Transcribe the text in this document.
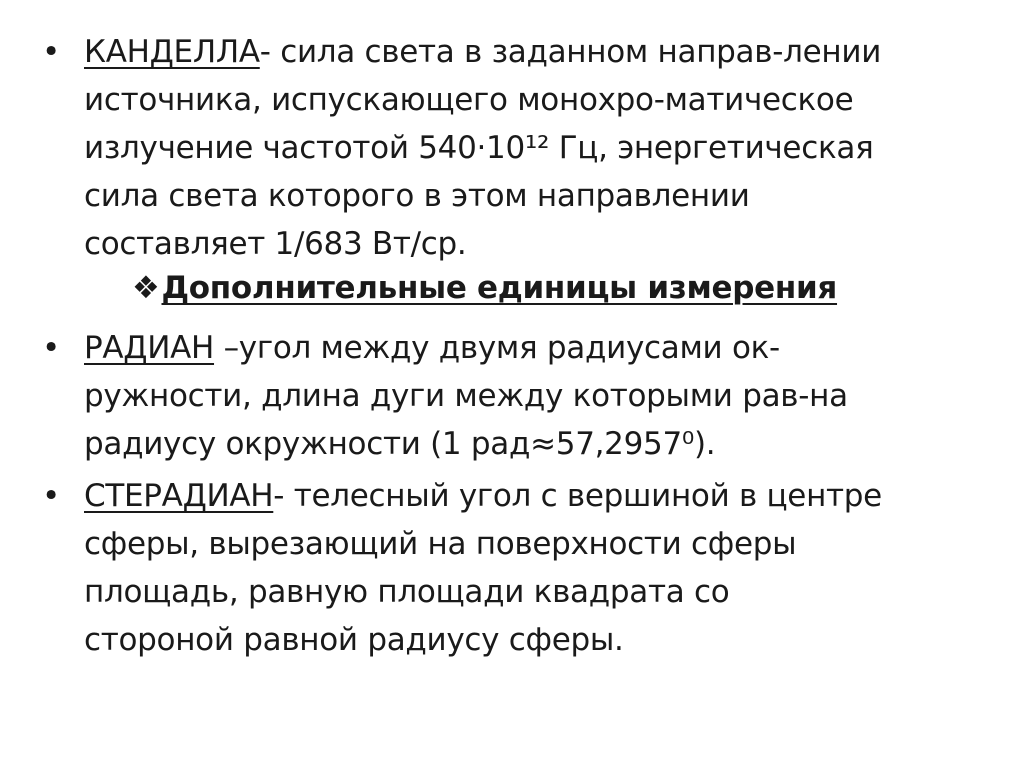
• КАНДЕЛЛА- сила света в заданном направ-лении
источника, испускающего монохро-матическое
излучение частотой 540·10¹² Гц, энергетическая
сила света которого в этом направлении
составляет 1/683 Вт/ср.
❖Дополнительные единицы измерения
• РАДИАН –угол между двумя радиусами ок-
ружности, длина дуги между которыми рав-на
радиусу окружности (1 рад≈57,2957⁰).
• СТЕРАДИАН- телесный угол с вершиной в центре
сферы, вырезающий на поверхности сферы
площадь, равную площади квадрата со
стороной равной радиусу сферы.
